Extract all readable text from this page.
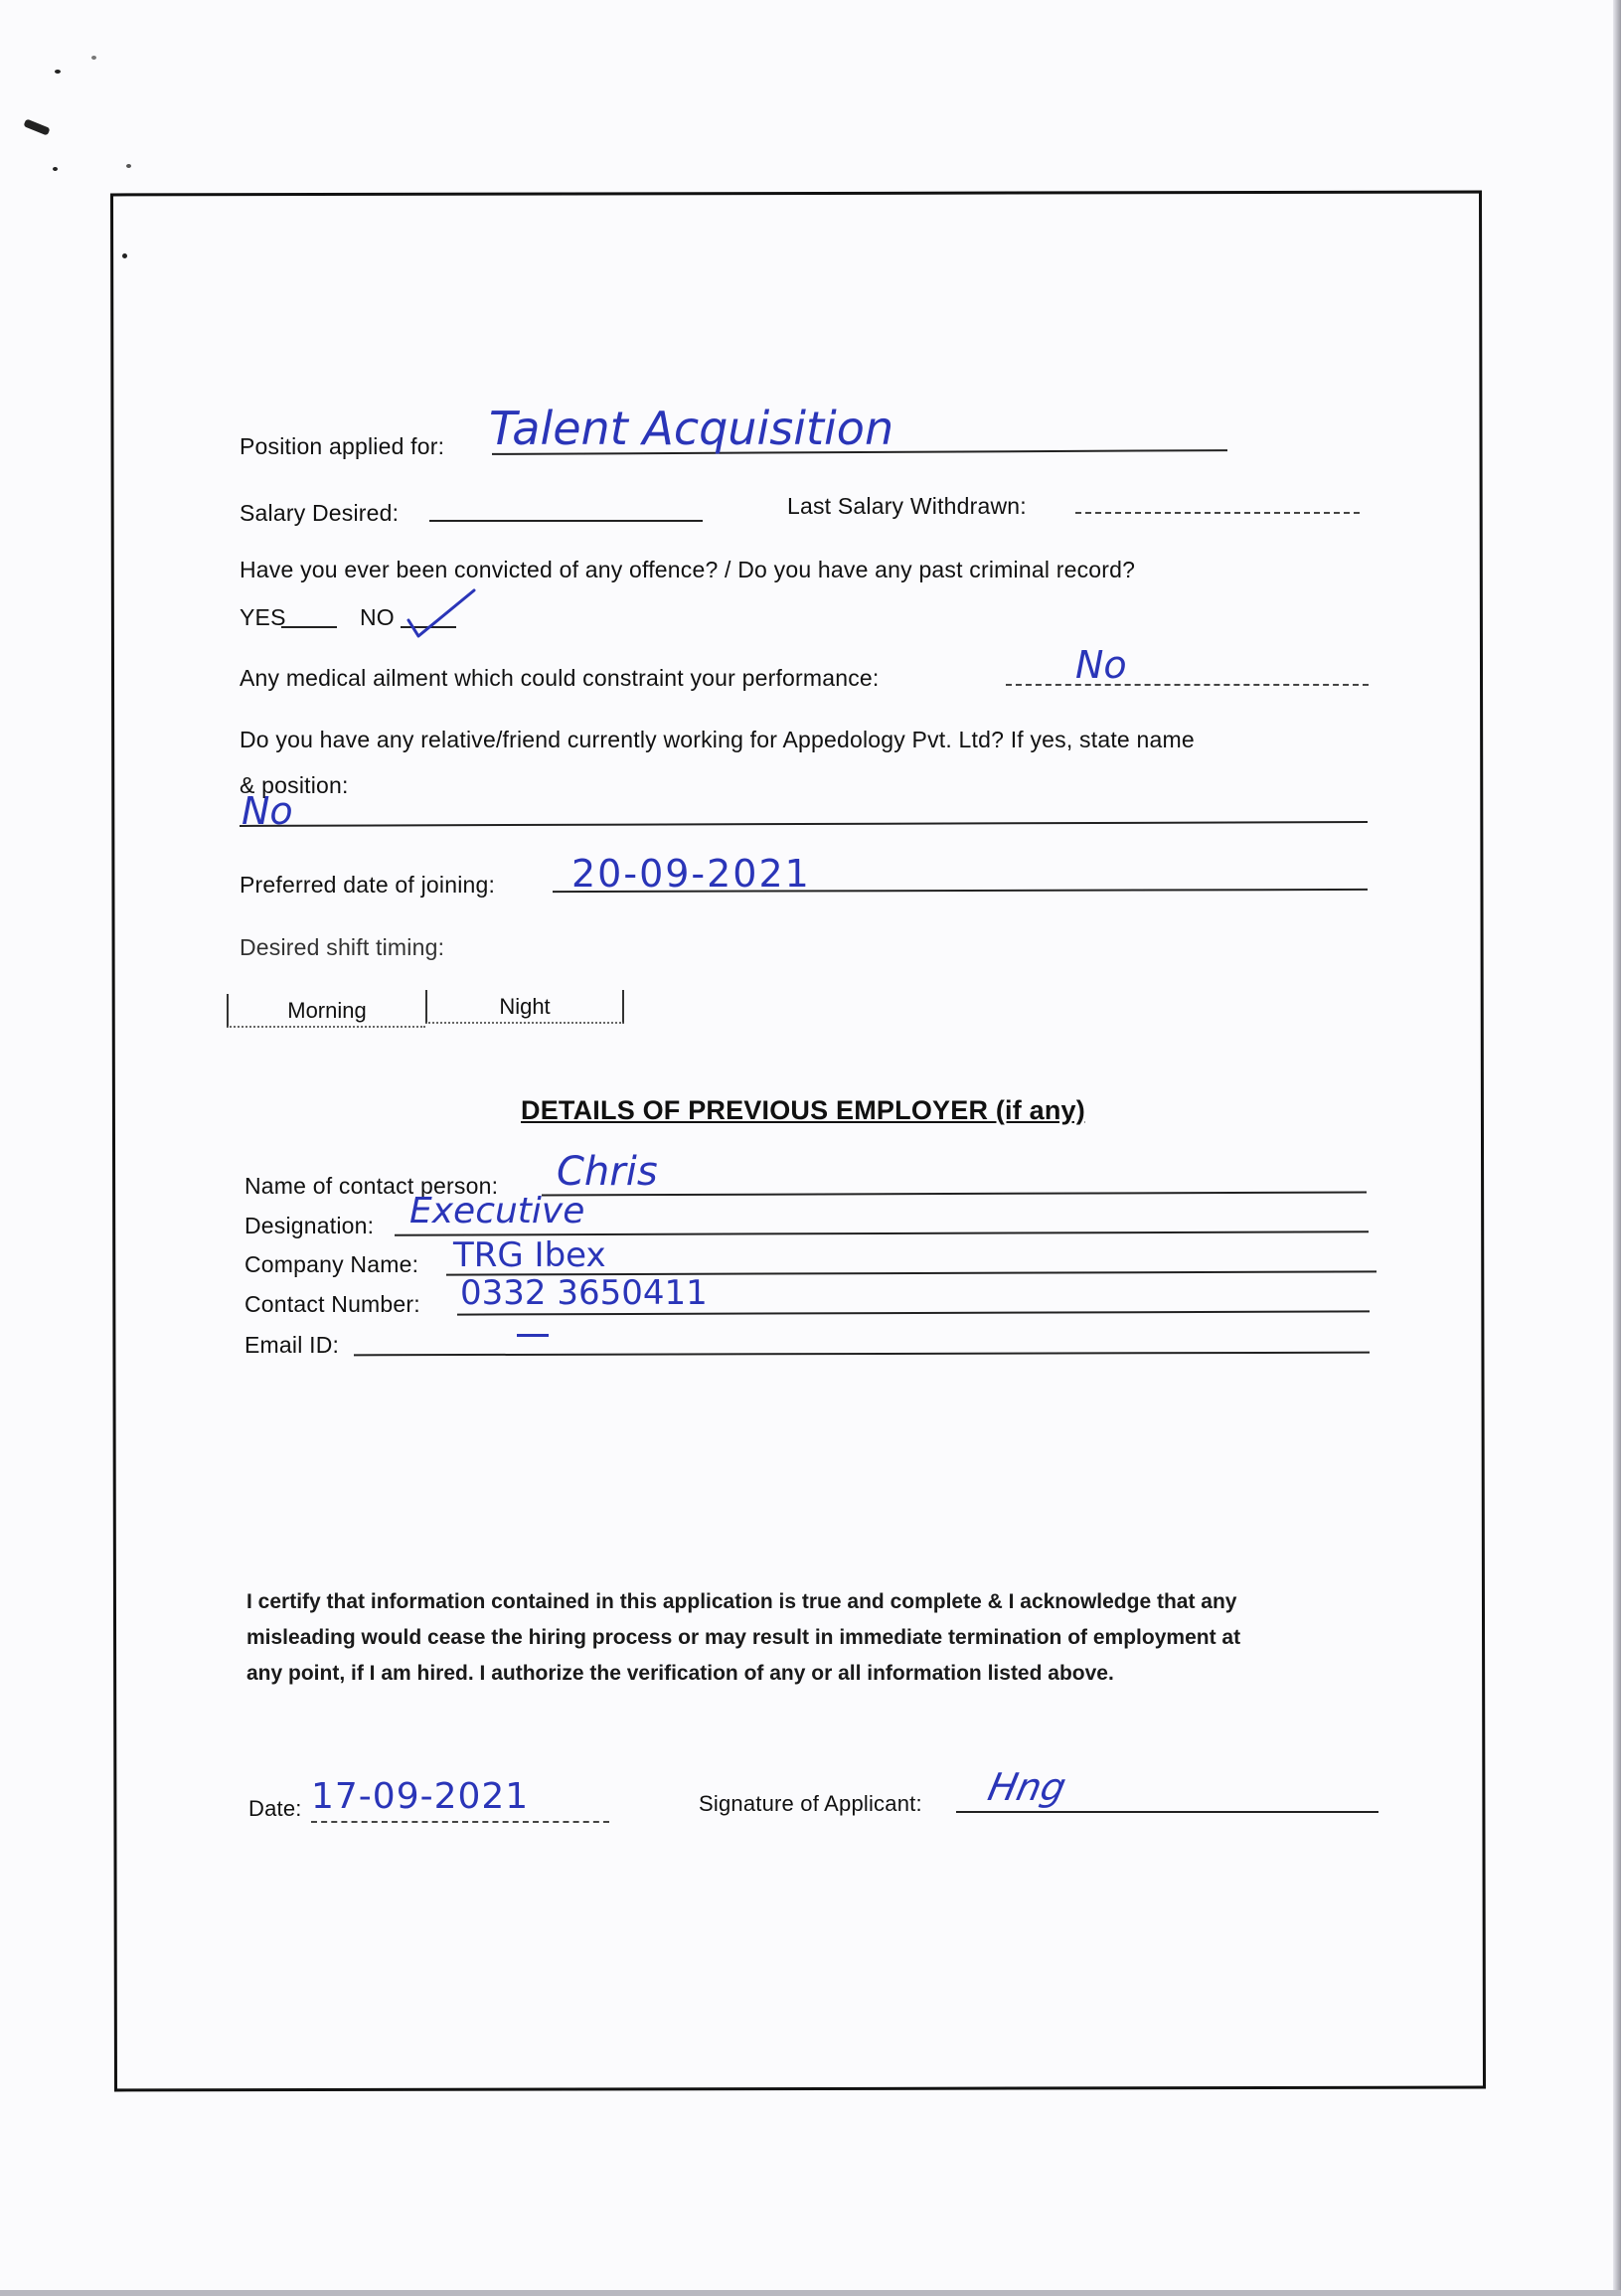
Position applied for: Talent Acquisition
Salary Desired:	Last Salary Withdrawn:
Have you ever been convicted of any offence? / Do you have any past criminal record?
YES	NO
Any medical ailment which could constraint your performance:	No
Do you have any relative/friend currently working for Appedology Pvt. Ltd? If yes, state name
& position:
No
Preferred date of joining: 20-09-2021
Desired shift timing:
Morning	Night
DETAILS OF PREVIOUS EMPLOYER (if any)
Name of contact person: Chris
Designation: Executive
Company Name: TRG Ibex
Contact Number: 0332 3650411
Email ID:
I certify that information contained in this application is true and complete & I acknowledge that any
misleading would cease the hiring process or may result in immediate termination of employment at
any point, if I am hired. I authorize the verification of any or all information listed above.
Date: 17-09-2021	Signature of Applicant: Hng
